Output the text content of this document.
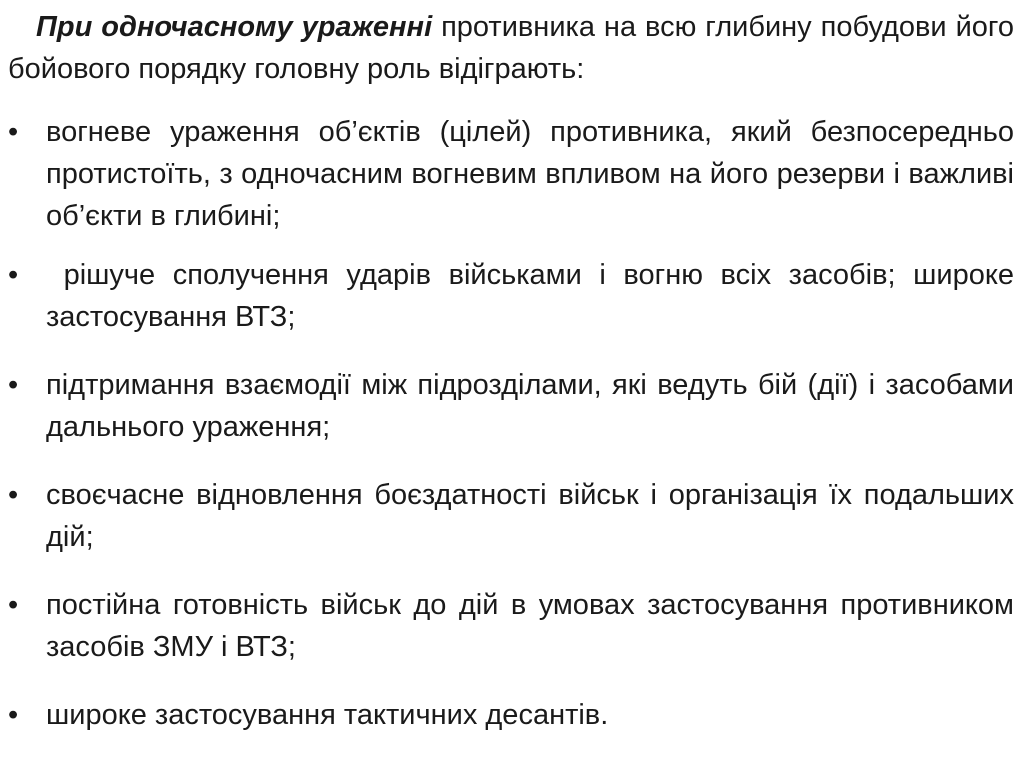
При одночасному ураженні противника на всю глибину побудови його бойового порядку головну роль відіграють:

• вогневе ураження об’єктів (цілей) противника, який безпосередньо протистоїть, з одночасним вогневим впливом на його резерви і важливі об’єкти в глибині;
• рішуче сполучення ударів військами і вогню всіх засобів; широке застосування ВТЗ;
• підтримання взаємодії між підрозділами, які ведуть бій (дії) і засобами дальнього ураження;
• своєчасне відновлення боєздатності військ і організація їх подальших дій;
• постійна готовність військ до дій в умовах застосування противником засобів ЗМУ і ВТЗ;
• широке застосування тактичних десантів.
